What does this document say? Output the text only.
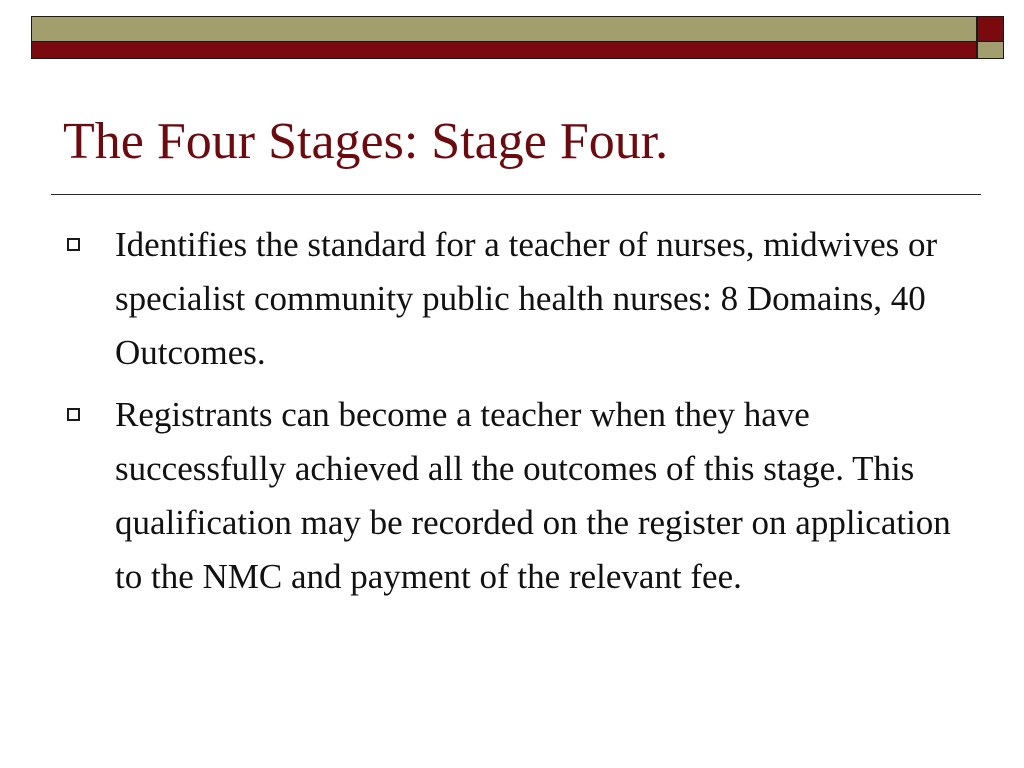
The Four Stages: Stage Four.
Identifies the standard for a teacher of nurses, midwives or specialist community public health nurses: 8 Domains, 40 Outcomes.
Registrants can become a teacher when they have successfully achieved all the outcomes of this stage. This qualification may be recorded on the register on application to the NMC and payment of the relevant fee.
